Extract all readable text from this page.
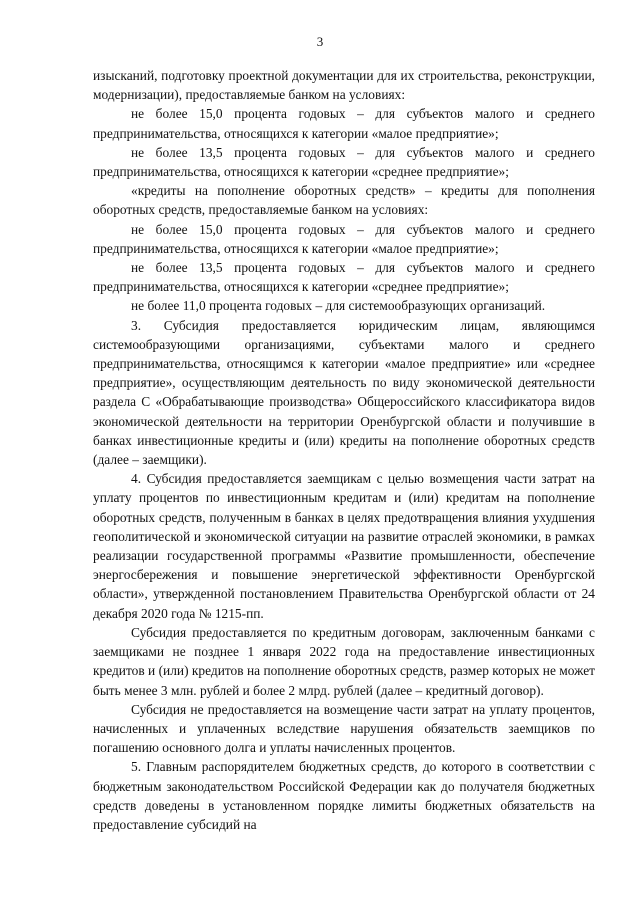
3

изысканий, подготовку проектной документации для их строительства, реконструкции, модернизации), предоставляемые банком на условиях:

не более 15,0 процента годовых – для субъектов малого и среднего предпринимательства, относящихся к категории «малое предприятие»;

не более 13,5 процента годовых – для субъектов малого и среднего предпринимательства, относящихся к категории «среднее предприятие»;

«кредиты на пополнение оборотных средств» – кредиты для пополнения оборотных средств, предоставляемые банком на условиях:

не более 15,0 процента годовых – для субъектов малого и среднего предпринимательства, относящихся к категории «малое предприятие»;

не более 13,5 процента годовых – для субъектов малого и среднего предпринимательства, относящихся к категории «среднее предприятие»;

не более 11,0 процента годовых – для системообразующих организаций.

3. Субсидия предоставляется юридическим лицам, являющимся системообразующими организациями, субъектами малого и среднего предпринимательства, относящимся к категории «малое предприятие» или «среднее предприятие», осуществляющим деятельность по виду экономической деятельности раздела C «Обрабатывающие производства» Общероссийского классификатора видов экономической деятельности на территории Оренбургской области и получившие в банках инвестиционные кредиты и (или) кредиты на пополнение оборотных средств (далее – заемщики).

4. Субсидия предоставляется заемщикам с целью возмещения части затрат на уплату процентов по инвестиционным кредитам и (или) кредитам на пополнение оборотных средств, полученным в банках в целях предотвращения влияния ухудшения геополитической и экономической ситуации на развитие отраслей экономики, в рамках реализации государственной программы «Развитие промышленности, обеспечение энергосбережения и повышение энергетической эффективности Оренбургской области», утвержденной постановлением Правительства Оренбургской области от 24 декабря 2020 года № 1215-пп.

Субсидия предоставляется по кредитным договорам, заключенным банками с заемщиками не позднее 1 января 2022 года на предоставление инвестиционных кредитов и (или) кредитов на пополнение оборотных средств, размер которых не может быть менее 3 млн. рублей и более 2 млрд. рублей (далее – кредитный договор).

Субсидия не предоставляется на возмещение части затрат на уплату процентов, начисленных и уплаченных вследствие нарушения обязательств заемщиков по погашению основного долга и уплаты начисленных процентов.

5. Главным распорядителем бюджетных средств, до которого в соответствии с бюджетным законодательством Российской Федерации как до получателя бюджетных средств доведены в установленном порядке лимиты бюджетных обязательств на предоставление субсидий на
